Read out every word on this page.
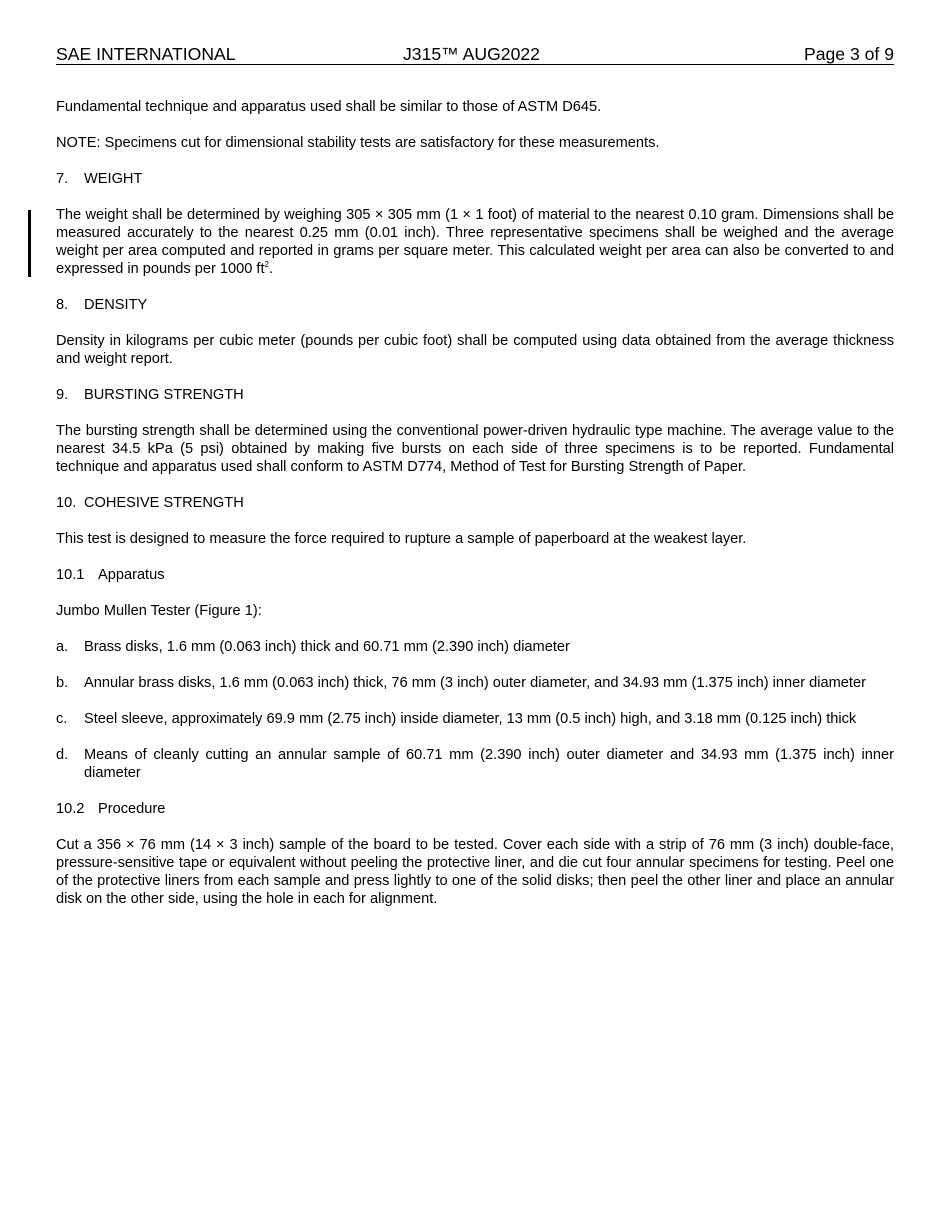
SAE INTERNATIONAL	J315™ AUG2022	Page 3 of 9

Fundamental technique and apparatus used shall be similar to those of ASTM D645.

NOTE: Specimens cut for dimensional stability tests are satisfactory for these measurements.

7. WEIGHT

The weight shall be determined by weighing 305 × 305 mm (1 × 1 foot) of material to the nearest 0.10 gram. Dimensions shall be measured accurately to the nearest 0.25 mm (0.01 inch). Three representative specimens shall be weighed and the average weight per area computed and reported in grams per square meter. This calculated weight per area can also be converted to and expressed in pounds per 1000 $ft^2$.

8. DENSITY

Density in kilograms per cubic meter (pounds per cubic foot) shall be computed using data obtained from the average thickness and weight report.

9. BURSTING STRENGTH

The bursting strength shall be determined using the conventional power-driven hydraulic type machine. The average value to the nearest 34.5 kPa (5 psi) obtained by making five bursts on each side of three specimens is to be reported. Fundamental technique and apparatus used shall conform to ASTM D774, Method of Test for Bursting Strength of Paper.

10. COHESIVE STRENGTH

This test is designed to measure the force required to rupture a sample of paperboard at the weakest layer.

10.1 Apparatus

Jumbo Mullen Tester (Figure 1):

a.	Brass disks, 1.6 mm (0.063 inch) thick and 60.71 mm (2.390 inch) diameter
b.	Annular brass disks, 1.6 mm (0.063 inch) thick, 76 mm (3 inch) outer diameter, and 34.93 mm (1.375 inch) inner diameter
c.	Steel sleeve, approximately 69.9 mm (2.75 inch) inside diameter, 13 mm (0.5 inch) high, and 3.18 mm (0.125 inch) thick
d.	Means of cleanly cutting an annular sample of 60.71 mm (2.390 inch) outer diameter and 34.93 mm (1.375 inch) inner diameter
10.2 Procedure

Cut a 356 × 76 mm (14 × 3 inch) sample of the board to be tested. Cover each side with a strip of 76 mm (3 inch) double-face, pressure-sensitive tape or equivalent without peeling the protective liner, and die cut four annular specimens for testing. Peel one of the protective liners from each sample and press lightly to one of the solid disks; then peel the other liner and place an annular disk on the other side, using the hole in each for alignment.
